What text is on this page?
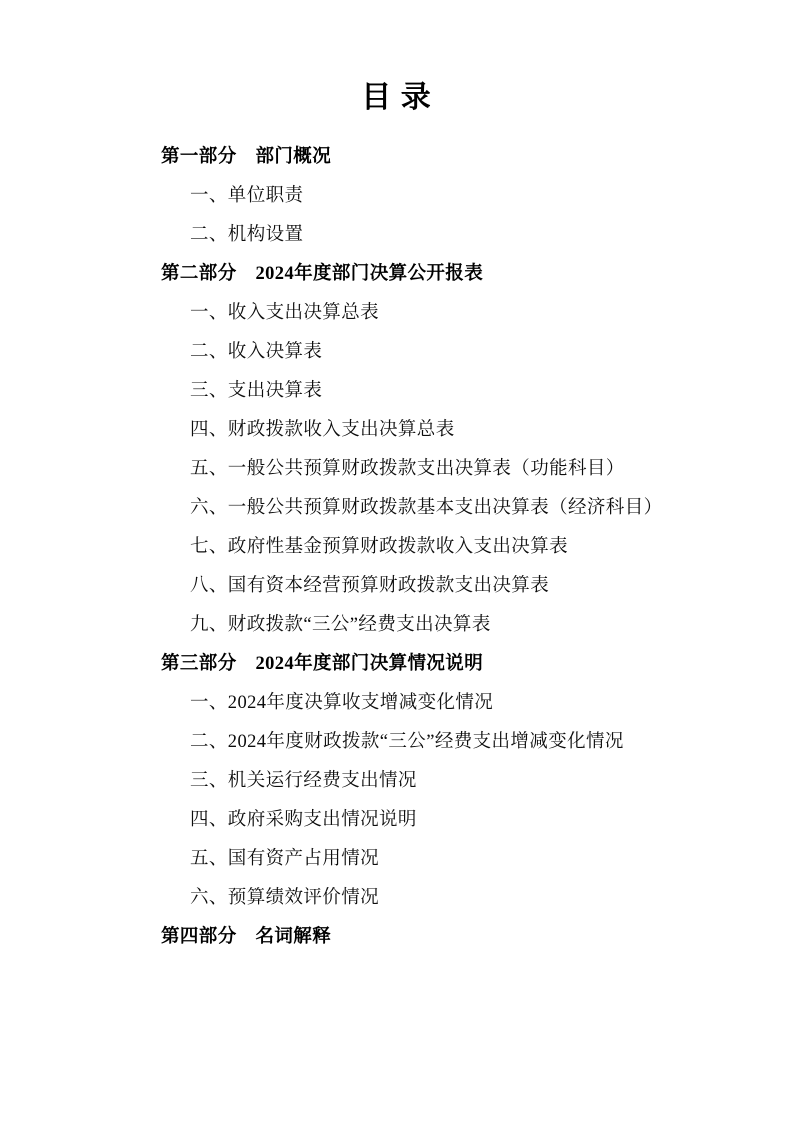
目 录
第一部分　部门概况

一、单位职责

二、机构设置

第二部分　2024年度部门决算公开报表

一、收入支出决算总表

二、收入决算表

三、支出决算表

四、财政拨款收入支出决算总表

五、一般公共预算财政拨款支出决算表（功能科目）

六、一般公共预算财政拨款基本支出决算表（经济科目）

七、政府性基金预算财政拨款收入支出决算表

八、国有资本经营预算财政拨款支出决算表

九、财政拨款“三公”经费支出决算表

第三部分　2024年度部门决算情况说明

一、2024年度决算收支增减变化情况

二、2024年度财政拨款“三公”经费支出增减变化情况

三、机关运行经费支出情况

四、政府采购支出情况说明

五、国有资产占用情况

六、预算绩效评价情况

第四部分　名词解释
